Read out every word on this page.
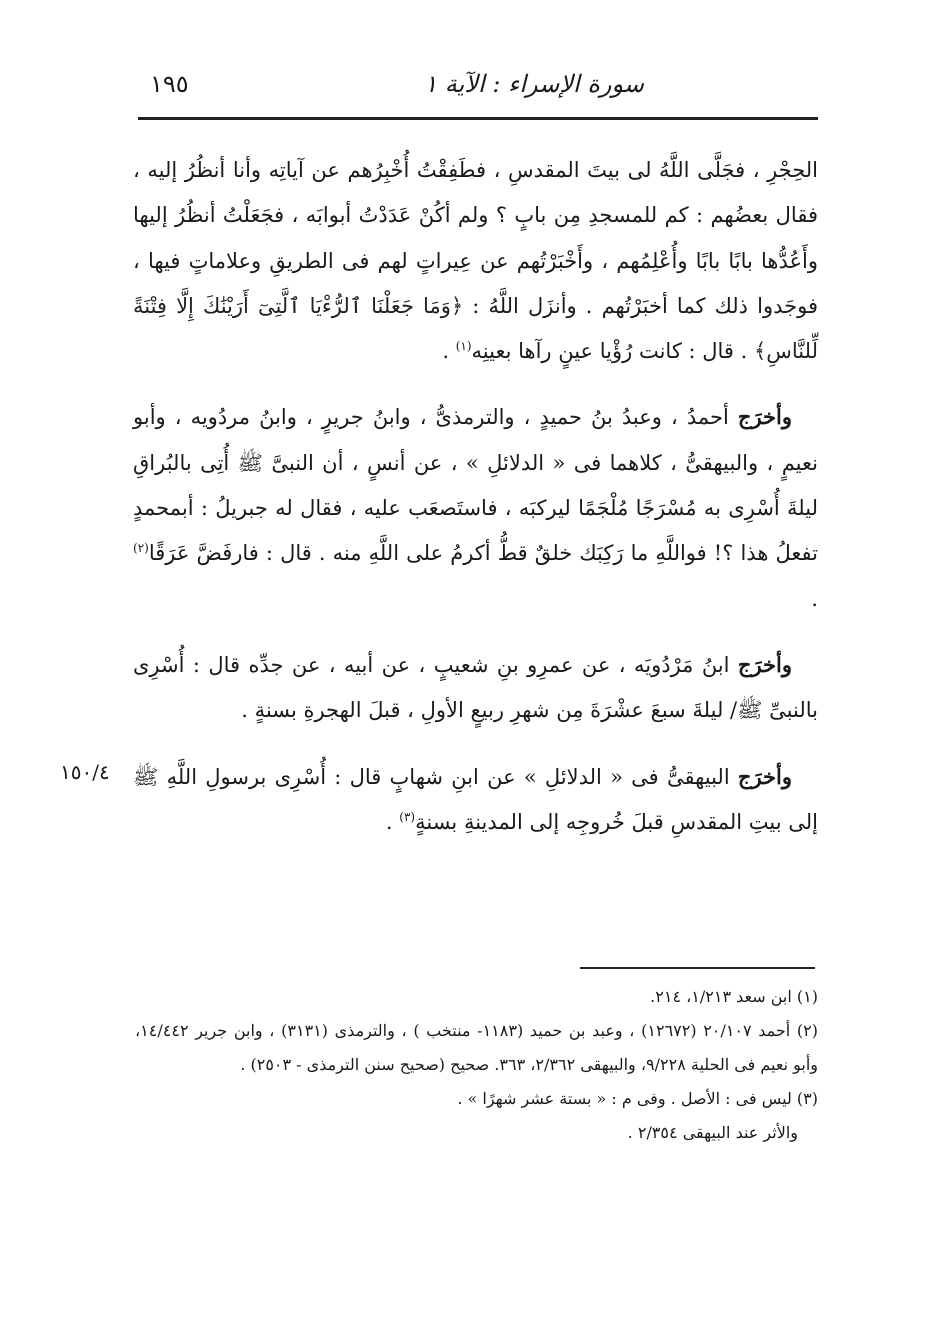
١٩٥	سورة الإسراء : الآية ١

الحِجْرِ ، فجَلَّى اللَّهُ لى بيتَ المقدسِ ، فطَفِقْتُ أُخْبِرُهم عن آياتِه وأنا أنظُرُ إليه ، فقال بعضُهم : كم للمسجدِ مِن بابٍ ؟ ولم أكُنْ عَدَدْتُ أبوابَه ، فجَعَلْتُ أنظُرُ إليها وأَعُدُّها بابًا بابًا وأُعْلِمُهم ، وأَخْبَرْتُهم عن عِيراتٍ لهم فى الطريقِ وعلاماتٍ فيها ، فوجَدوا ذلك كما أخبَرْتُهم . وأنزَل اللَّهُ : ﴿وَمَا جَعَلْنَا ٱلرُّءْيَا ٱلَّتِىٓ أَرَيْنَٰكَ إِلَّا فِتْنَةً لِّلنَّاسِ﴾ . قال : كانت رُؤْيا عينٍ رآها بعينِه$^{(١)}$ .

وأخرَج أحمدُ ، وعبدُ بنُ حميدٍ ، والترمذىُّ ، وابنُ جريرٍ ، وابنُ مردُويه ، وأبو نعيمٍ ، والبيهقىُّ ، كلاهما فى « الدلائلِ » ، عن أنسٍ ، أن النبىَّ ﷺ أُتِى بالبُراقِ ليلةَ أُسْرِى به مُسْرَجًا مُلْجَمًا ليركبَه ، فاستَصعَب عليه ، فقال له جبريلُ : أبمحمدٍ تفعلُ هذا ؟! فواللَّهِ ما رَكِبَك خلقٌ قطُّ أكرمُ على اللَّهِ منه . قال : فارفَضَّ عَرَقًا$^{(٢)}$ .

وأخرَج ابنُ مَرْدُويَه ، عن عمرِو بنِ شعيبٍ ، عن أبيه ، عن جدِّه قال : أُسْرِى بالنبىِّ ﷺ/ ليلةَ سبعَ عشْرَةَ مِن شهرِ ربيعٍ الأولِ ، قبلَ الهجرةِ بسنةٍ .

وأخرَج البيهقىُّ فى « الدلائلِ » عن ابنِ شهابٍ قال : أُسْرِى برسولِ اللَّهِ ﷺ إلى بيتِ المقدسِ قبلَ خُروجِه إلى المدينةِ بسنةٍ$^{(٣)}$ .

١٥٠/٤

(١) ابن سعد ١/٢١٣، ٢١٤.

(٢) أحمد ٢٠/١٠٧ (١٢٦٧٢) ، وعبد بن حميد (١١٨٣- منتخب ) ، والترمذى (٣١٣١) ، وابن جرير ١٤/٤٤٢، وأبو نعيم فى الحلية ٩/٢٢٨، والبيهقى ٢/٣٦٢، ٣٦٣. صحيح (صحيح سنن الترمذى - ٢٥٠٣) .

(٣) ليس فى : الأصل . وفى م : « بستة عشر شهرًا » .

والأثر عند البيهقى ٢/٣٥٤ .
